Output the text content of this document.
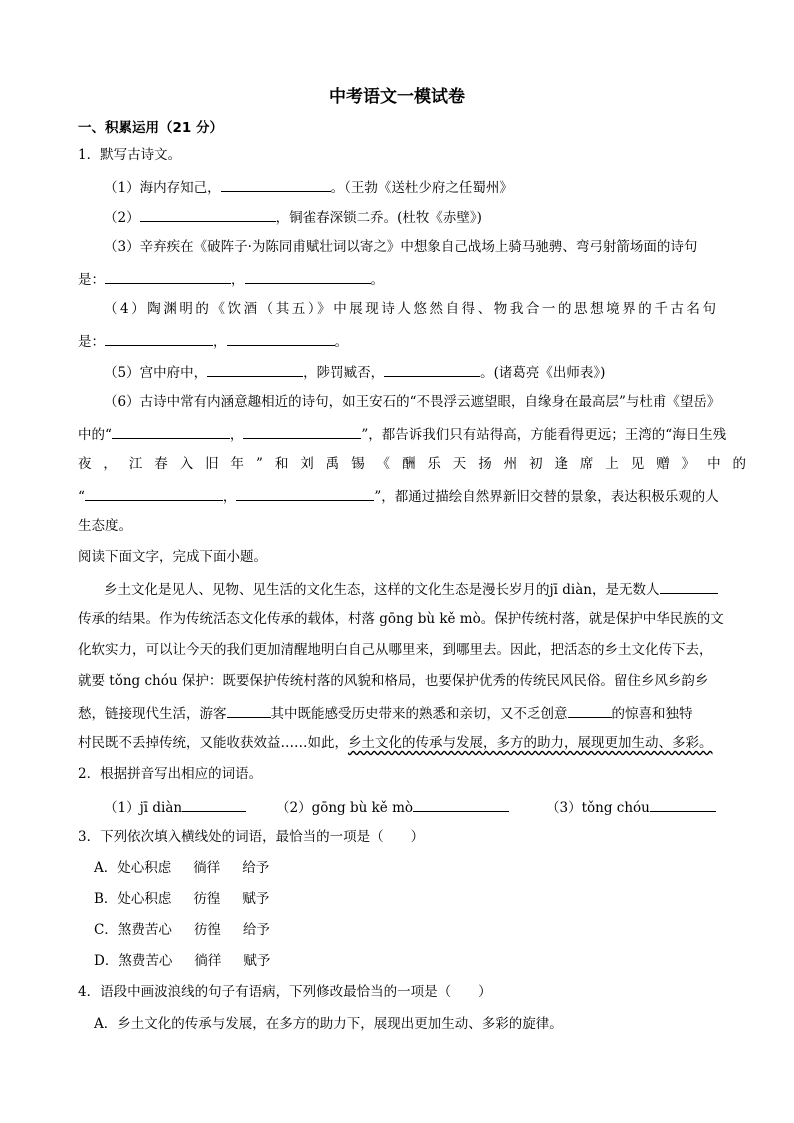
中考语文一模试卷
一、积累运用（21 分）
1．默写古诗文。
（1）海内存知己，	。（王勃《送杜少府之任蜀州》
（2）	，铜雀春深锁二乔。(杜牧《赤壁》)
（3）辛弃疾在《破阵子·为陈同甫赋壮词以寄之》中想象自己战场上骑马驰骋、弯弓射箭场面的诗句
是：	，	。
（4）陶渊明的《饮酒（其五）》中展现诗人悠然自得、物我合一的思想境界的千古名句
是：	，	。
（5）宫中府中，	，陟罚臧否，	。(诸葛亮《出师表》)
（6）古诗中常有内涵意趣相近的诗句，如王安石的“不畏浮云遮望眼，自缘身在最高层”与杜甫《望岳》
中的“	，	”，都告诉我们只有站得高，方能看得更远；王湾的“海日生残
夜，江春入旧年”和刘禹锡《酬乐天扬州初逢席上见赠》中的
“	，	”，都通过描绘自然界新旧交替的景象，表达积极乐观的人
生态度。
阅读下面文字，完成下面小题。
乡土文化是见人、见物、见生活的文化生态，这样的文化生态是漫长岁月的jī diàn，是无数人
传承的结果。作为传统活态文化传承的载体，村落 gōng bù kě mò。保护传统村落，就是保护中华民族的文
化软实力，可以让今天的我们更加清醒地明白自己从哪里来，到哪里去。因此，把活态的乡土文化传下去，
就要 tǒng chóu 保护：既要保护传统村落的风貌和格局，也要保护优秀的传统民风民俗。留住乡风乡韵乡
愁，链接现代生活，游客	其中既能感受历史带来的熟悉和亲切，又不乏创意	的惊喜和独特
村民既不丢掉传统，又能收获效益……如此，乡土文化的传承与发展，多方的助力，展现更加生动、多彩。
2．根据拼音写出相应的词语。
（1）jī diàn	（2）gōng bù kě mò	（3）tǒng chóu
3．下列依次填入横线处的词语，最恰当的一项是（　　）
A．处心积虑 徜徉 给予
B．处心积虑 彷徨 赋予
C．煞费苦心 彷徨 给予
D．煞费苦心 徜徉 赋予
4．语段中画波浪线的句子有语病，下列修改最恰当的一项是（　　）
A．乡土文化的传承与发展，在多方的助力下，展现出更加生动、多彩的旋律。
